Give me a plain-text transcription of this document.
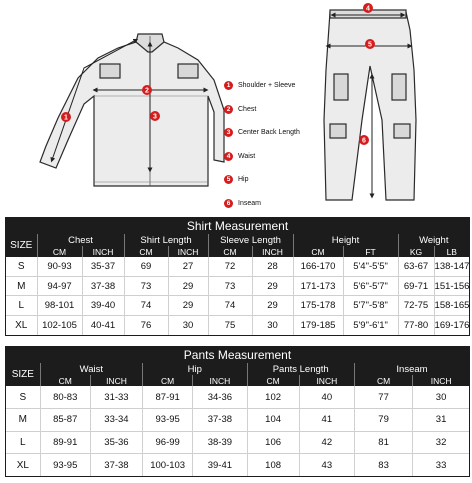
1
2
3
4
5
6
1	Shoulder + Sleeve
2	Chest
3	Center Back Length
4	Waist
5	Hip
6	Inseam
Shirt Measurement
SIZE	Chest		Shirt Length		Sleeve Length		Height		Weight	
	CM	INCH	CM	INCH	CM	INCH	CM	FT	KG	LB
S	90-93	35-37	69	27	72	28	166-170	5'4"-5'5"	63-67	138-147
M	94-97	37-38	73	29	73	29	171-173	5'6"-5'7"	69-71	151-156
L	98-101	39-40	74	29	74	29	175-178	5'7"-5'8"	72-75	158-165
XL	102-105	40-41	76	30	75	30	179-185	5'9"-6'1"	77-80	169-176
Pants Measurement
SIZE	Waist		Hip		Pants Length		Inseam	
	CM	INCH	CM	INCH	CM	INCH	CM	INCH
S	80-83	31-33	87-91	34-36	102	40	77	30
M	85-87	33-34	93-95	37-38	104	41	79	31
L	89-91	35-36	96-99	38-39	106	42	81	32
XL	93-95	37-38	100-103	39-41	108	43	83	33
